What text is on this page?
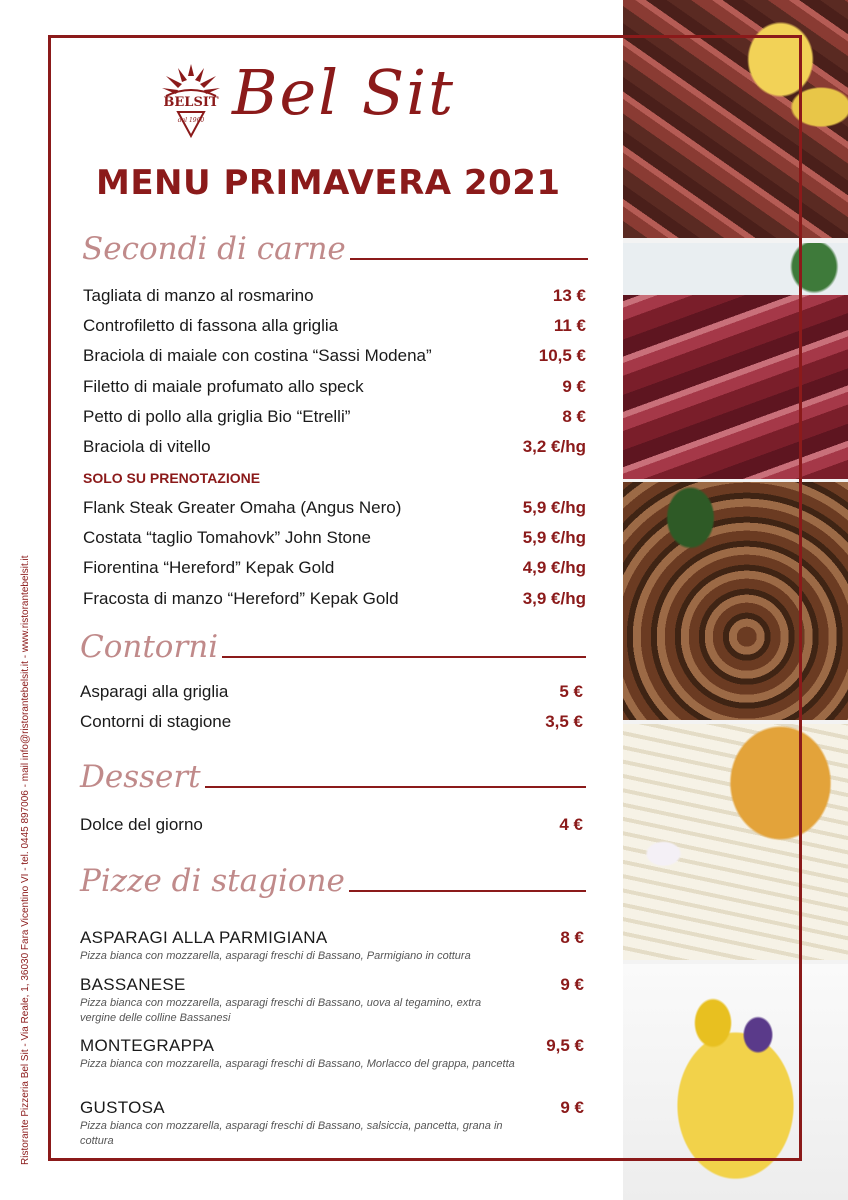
Ristorante Pizzeria Bel Sit - Via Reale, 1, 36030 Fara Vicentino VI - tel. 0445 897006 - mail info@ristorantebelsit.it - www.ristorantebelsit.it
BELSIT
dal 1960 Bel Sit
MENU PRIMAVERA 2021
Secondi di carne
Tagliata di manzo al rosmarino	13 €
Controfiletto di fassona alla griglia	11 €
Braciola di maiale con costina “Sassi Modena”	10,5 €
Filetto di maiale profumato allo speck	9 €
Petto di pollo alla griglia Bio “Etrelli”	8 €
Braciola di vitello	3,2 €/hg
SOLO SU PRENOTAZIONE
Flank Steak Greater Omaha (Angus Nero)	5,9 €/hg
Costata “taglio Tomahovk” John Stone	5,9 €/hg
Fiorentina “Hereford” Kepak Gold	4,9 €/hg
Fracosta di manzo “Hereford” Kepak Gold	3,9 €/hg
Contorni
Asparagi alla griglia	5 €
Contorni di stagione	3,5 €
Dessert
Dolce del giorno	4 €
Pizze di stagione
ASPARAGI ALLA PARMIGIANA	8 €
Pizza bianca con mozzarella, asparagi freschi di Bassano, Parmigiano in cottura
BASSANESE	9 €
Pizza bianca con mozzarella, asparagi freschi di Bassano, uova al tegamino, extra vergine delle colline Bassanesi
MONTEGRAPPA	9,5 €
Pizza bianca con mozzarella, asparagi freschi di Bassano, Morlacco del grappa, pancetta
GUSTOSA	9 €
Pizza bianca con mozzarella, asparagi freschi di Bassano, salsiccia, pancetta, grana in cottura
